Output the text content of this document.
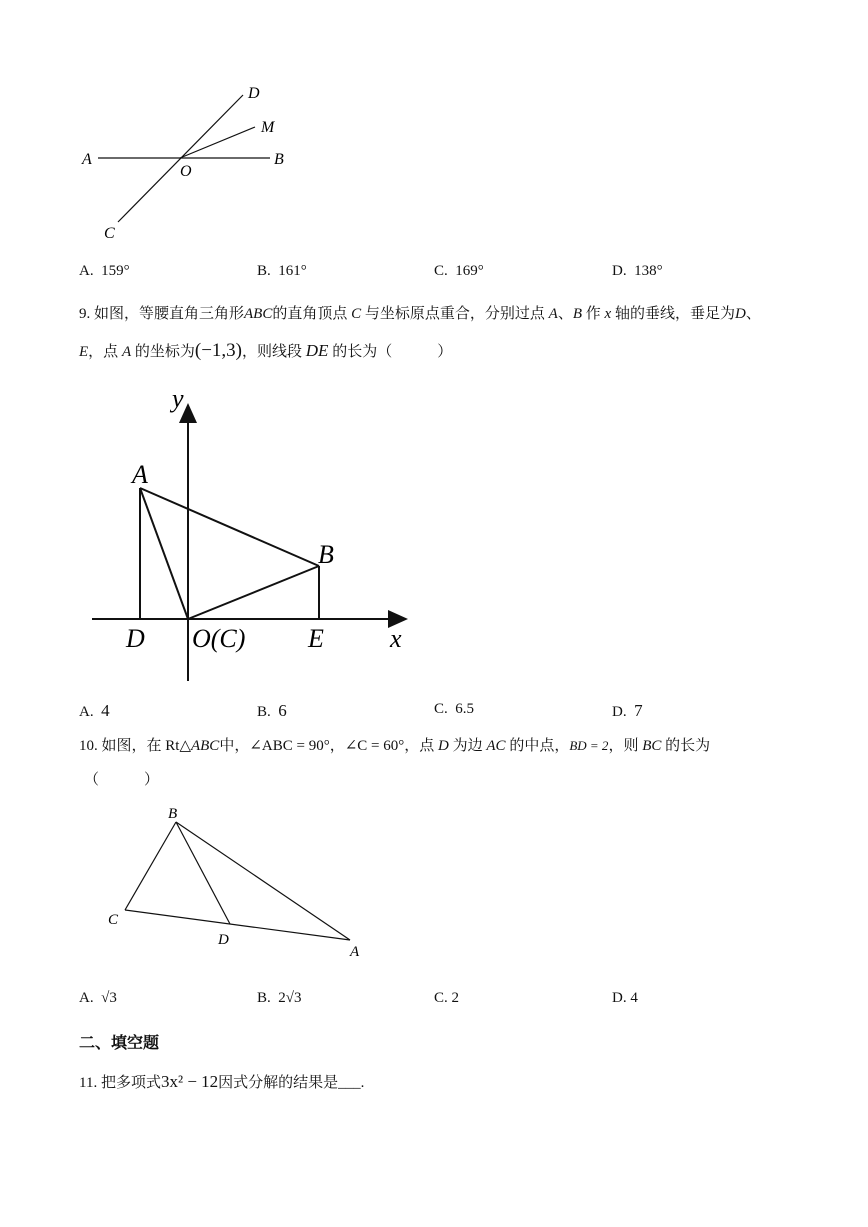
D
M
A	B
O
C
A. 159°	B. 161°	C. 169°	D. 138°
9. 如图，等腰直角三角形ABC的直角顶点 C 与坐标原点重合，分别过点 A、B 作 x 轴的垂线，垂足为D、
E，点 A 的坐标为(−1,3)，则线段 DE 的长为（　　　）
y
A
B
D O(C) E	x
A. 4	B. 6	C. 6.5	D. 7
10. 如图，在 Rt△ABC中，∠ABC = 90°，∠C = 60°，点 D 为边 AC 的中点，BD = 2，则 BC 的长为
（　　　）
B
C
D
A
A. √3	B. 2√3	C. 2	D. 4
二、填空题
11. 把多项式3x² − 12因式分解的结果是___.
